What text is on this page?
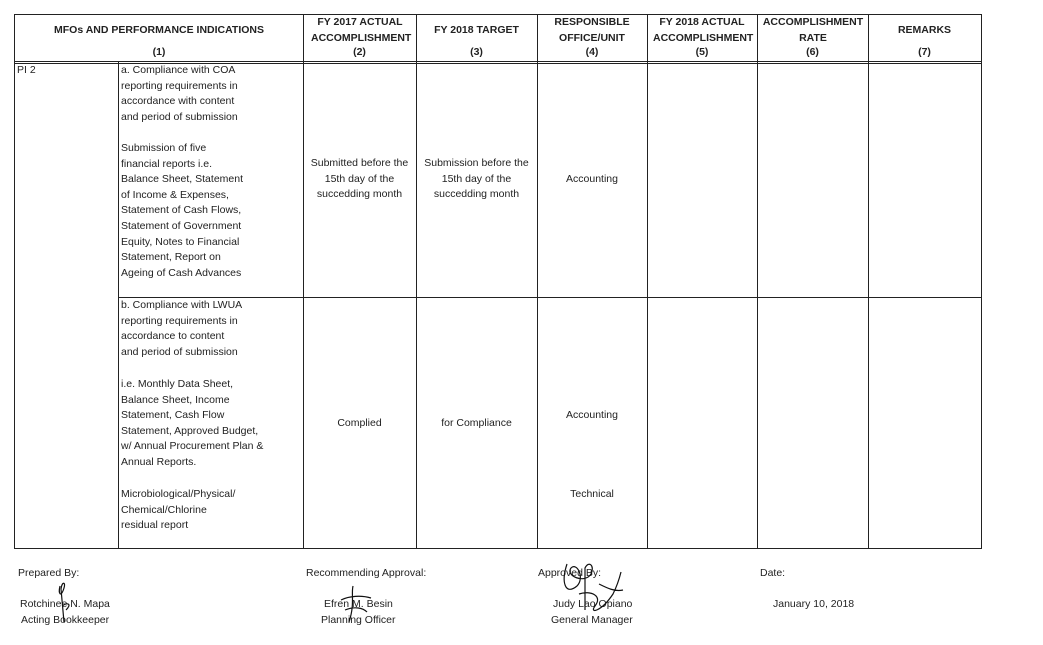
MFOs AND PERFORMANCE INDICATIONS
(1)
FY 2017 ACTUAL ACCOMPLISHMENT
(2)
FY 2018 TARGET
(3)
RESPONSIBLE OFFICE/UNIT
(4)
FY 2018 ACTUAL ACCOMPLISHMENT
(5)
ACCOMPLISHMENT RATE
(6)
REMARKS
(7)
PI 2	a. Compliance with COA
reporting requirements in
accordance with content
and period of submission
Submission of five
financial reports i.e.
Balance Sheet, Statement
of Income & Expenses,
Statement of Cash Flows,
Statement of Government
Equity, Notes to Financial
Statement, Report on
Ageing of Cash Advances
Submitted before the
15th day of the
succedding month
Submission before the
15th day of the
succedding month
Accounting
b. Compliance with LWUA
reporting requirements in
accordance to content
and period of submission
i.e. Monthly Data Sheet,
Balance Sheet, Income
Statement, Cash Flow
Statement, Approved Budget,
w/ Annual Procurement Plan &
Annual Reports.
Microbiological/Physical/
Chemical/Chlorine
residual report
Complied	for Compliance
Accounting
Technical
Prepared By:
Rotchinee N. Mapa
Acting Bookkeeper
Recommending Approval:
Efren M. Besin
Planning Officer
Approved By:
Judy Lao Opiano
General Manager
Date:
January 10, 2018
